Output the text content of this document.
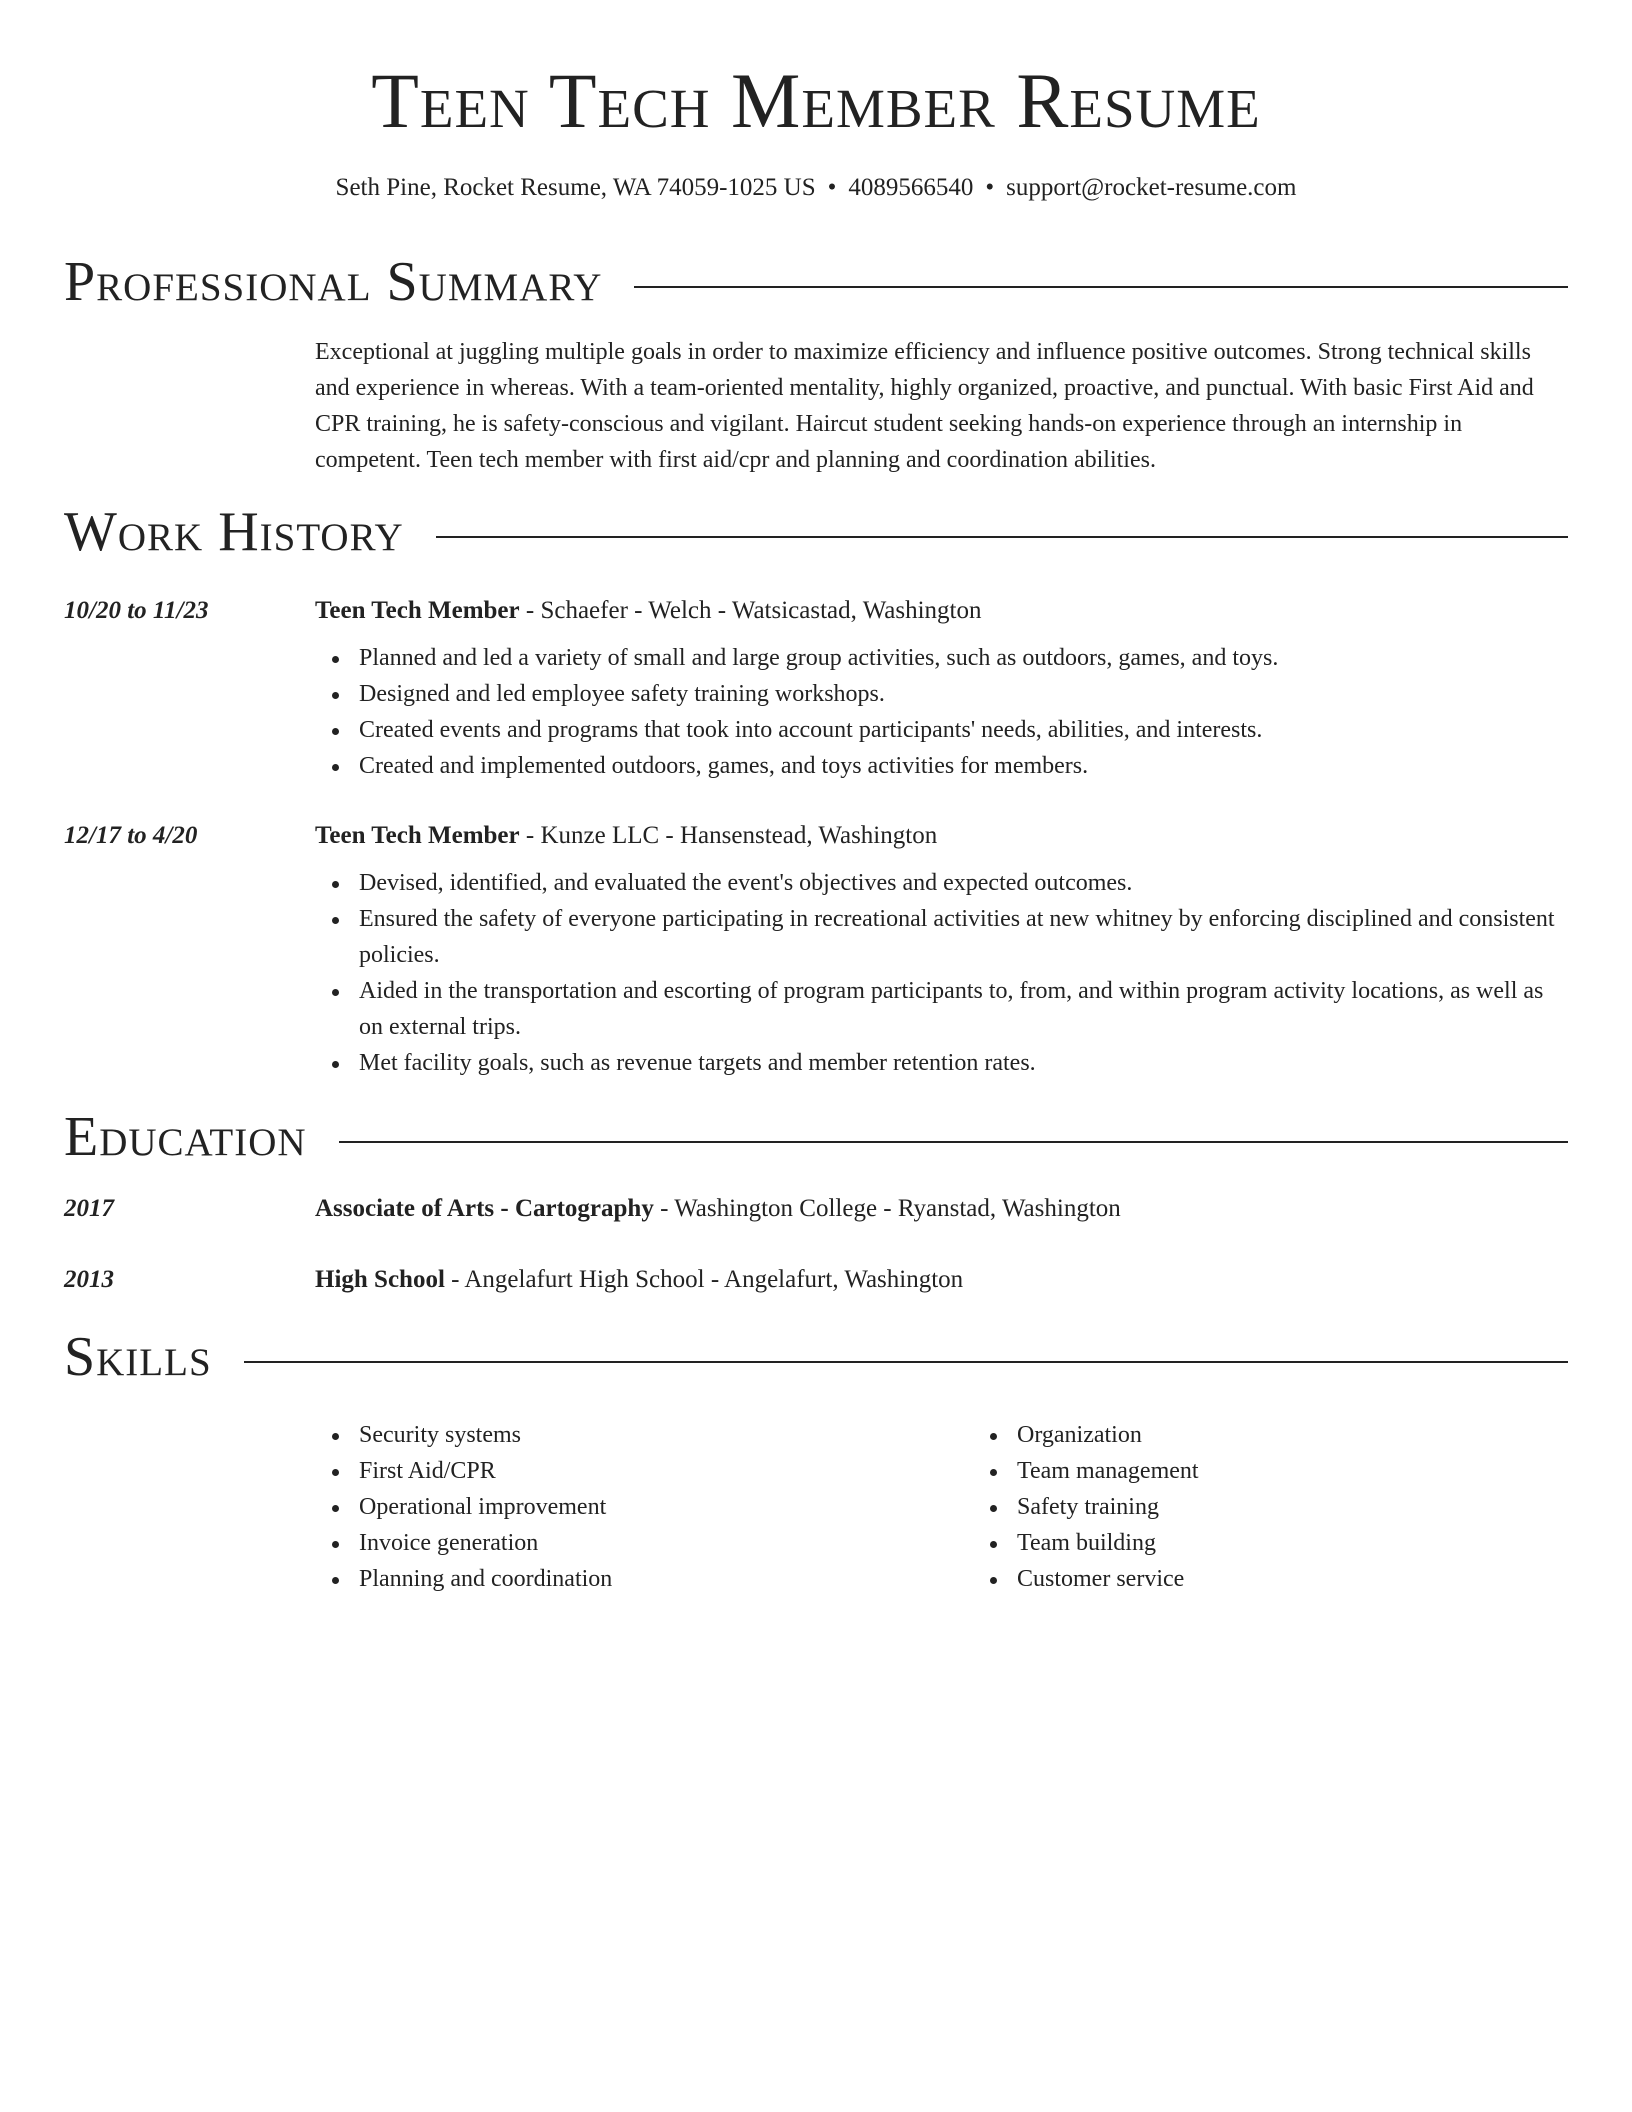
Teen Tech Member Resume
Seth Pine, Rocket Resume, WA 74059-1025 US • 4089566540 • support@rocket-resume.com
Professional Summary

Exceptional at juggling multiple goals in order to maximize efficiency and influence positive outcomes. Strong technical skills and experience in whereas. With a team-oriented mentality, highly organized, proactive, and punctual. With basic First Aid and CPR training, he is safety-conscious and vigilant. Haircut student seeking hands-on experience through an internship in competent. Teen tech member with first aid/cpr and planning and coordination abilities.

Work History
10/20 to 11/23	Teen Tech Member - Schaefer - Welch - Watsicastad, Washington
Planned and led a variety of small and large group activities, such as outdoors, games, and toys.
Designed and led employee safety training workshops.
Created events and programs that took into account participants' needs, abilities, and interests.
Created and implemented outdoors, games, and toys activities for members.
12/17 to 4/20	Teen Tech Member - Kunze LLC - Hansenstead, Washington
Devised, identified, and evaluated the event's objectives and expected outcomes.
Ensured the safety of everyone participating in recreational activities at new whitney by enforcing disciplined and consistent policies.
Aided in the transportation and escorting of program participants to, from, and within program activity locations, as well as on external trips.
Met facility goals, such as revenue targets and member retention rates.
Education
2017	Associate of Arts - Cartography - Washington College - Ryanstad, Washington
2013	High School - Angelafurt High School - Angelafurt, Washington
Skills
Security systems
First Aid/CPR
Operational improvement
Invoice generation
Planning and coordination
Organization
Team management
Safety training
Team building
Customer service
